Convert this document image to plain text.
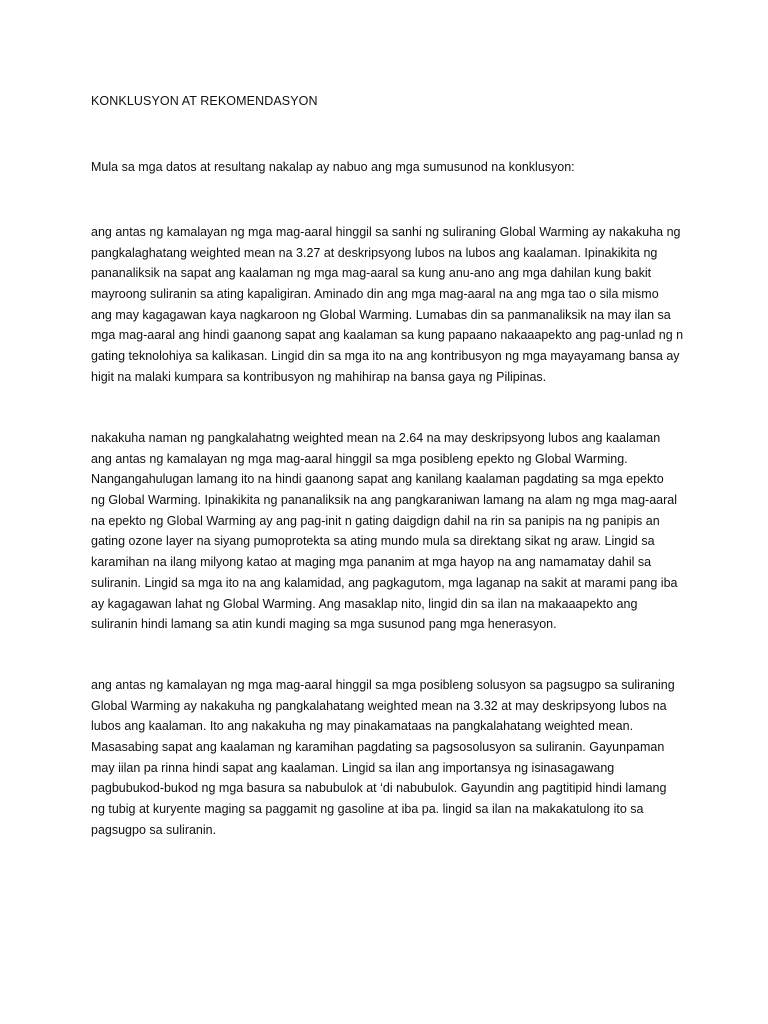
KONKLUSYON AT REKOMENDASYON
Mula sa mga datos at resultang nakalap ay nabuo ang mga sumusunod na konklusyon:
ang antas ng kamalayan ng mga mag-aaral hinggil sa sanhi ng suliraning Global Warming ay nakakuha ng
pangkalaghatang weighted mean na 3.27 at deskripsyong lubos na lubos ang kaalaman. Ipinakikita ng
pananaliksik na sapat ang kaalaman ng mga mag-aaral sa kung anu-ano ang mga dahilan kung bakit
mayroong suliranin sa ating kapaligiran. Aminado din ang mga mag-aaral na ang mga tao o sila mismo
ang may kagagawan kaya nagkaroon ng Global Warming. Lumabas din sa panmanaliksik na may ilan sa
mga mag-aaral ang hindi gaanong sapat ang kaalaman sa kung papaano nakaaapekto ang pag-unlad ng n
gating teknolohiya sa kalikasan. Lingid din sa mga ito na ang kontribusyon ng mga mayayamang bansa ay
higit na malaki kumpara sa kontribusyon ng mahihirap na bansa gaya ng Pilipinas.
nakakuha naman ng pangkalahatng weighted mean na 2.64 na may deskripsyong lubos ang kaalaman
ang antas ng kamalayan ng mga mag-aaral hinggil sa mga posibleng epekto ng Global Warming.
Nangangahulugan lamang ito na hindi gaanong sapat ang kanilang kaalaman pagdating sa mga epekto
ng Global Warming. Ipinakikita ng pananaliksik na ang pangkaraniwan lamang na alam ng mga mag-aaral
na epekto ng Global Warming ay ang pag-init n gating daigdign dahil na rin sa panipis na ng panipis an
gating ozone layer na siyang pumoprotekta sa ating mundo mula sa direktang sikat ng araw. Lingid sa
karamihan na ilang milyong katao at maging mga pananim at mga hayop na ang namamatay dahil sa
suliranin. Lingid sa mga ito na ang kalamidad, ang pagkagutom, mga laganap na sakit at marami pang iba
ay kagagawan lahat ng Global Warming. Ang masaklap nito, lingid din sa ilan na makaaapekto ang
suliranin hindi lamang sa atin kundi maging sa mga susunod pang mga henerasyon.
ang antas ng kamalayan ng mga mag-aaral hinggil sa mga posibleng solusyon sa pagsugpo sa suliraning
Global Warming ay nakakuha ng pangkalahatang weighted mean na 3.32 at may deskripsyong lubos na
lubos ang kaalaman. Ito ang nakakuha ng may pinakamataas na pangkalahatang weighted mean.
Masasabing sapat ang kaalaman ng karamihan pagdating sa pagsosolusyon sa suliranin. Gayunpaman
may iilan pa rinna hindi sapat ang kaalaman. Lingid sa ilan ang importansya ng isinasagawang
pagbubukod-bukod ng mga basura sa nabubulok at ‘di nabubulok. Gayundin ang pagtitipid hindi lamang
ng tubig at kuryente maging sa paggamit ng gasoline at iba pa. lingid sa ilan na makakatulong ito sa
pagsugpo sa suliranin.
